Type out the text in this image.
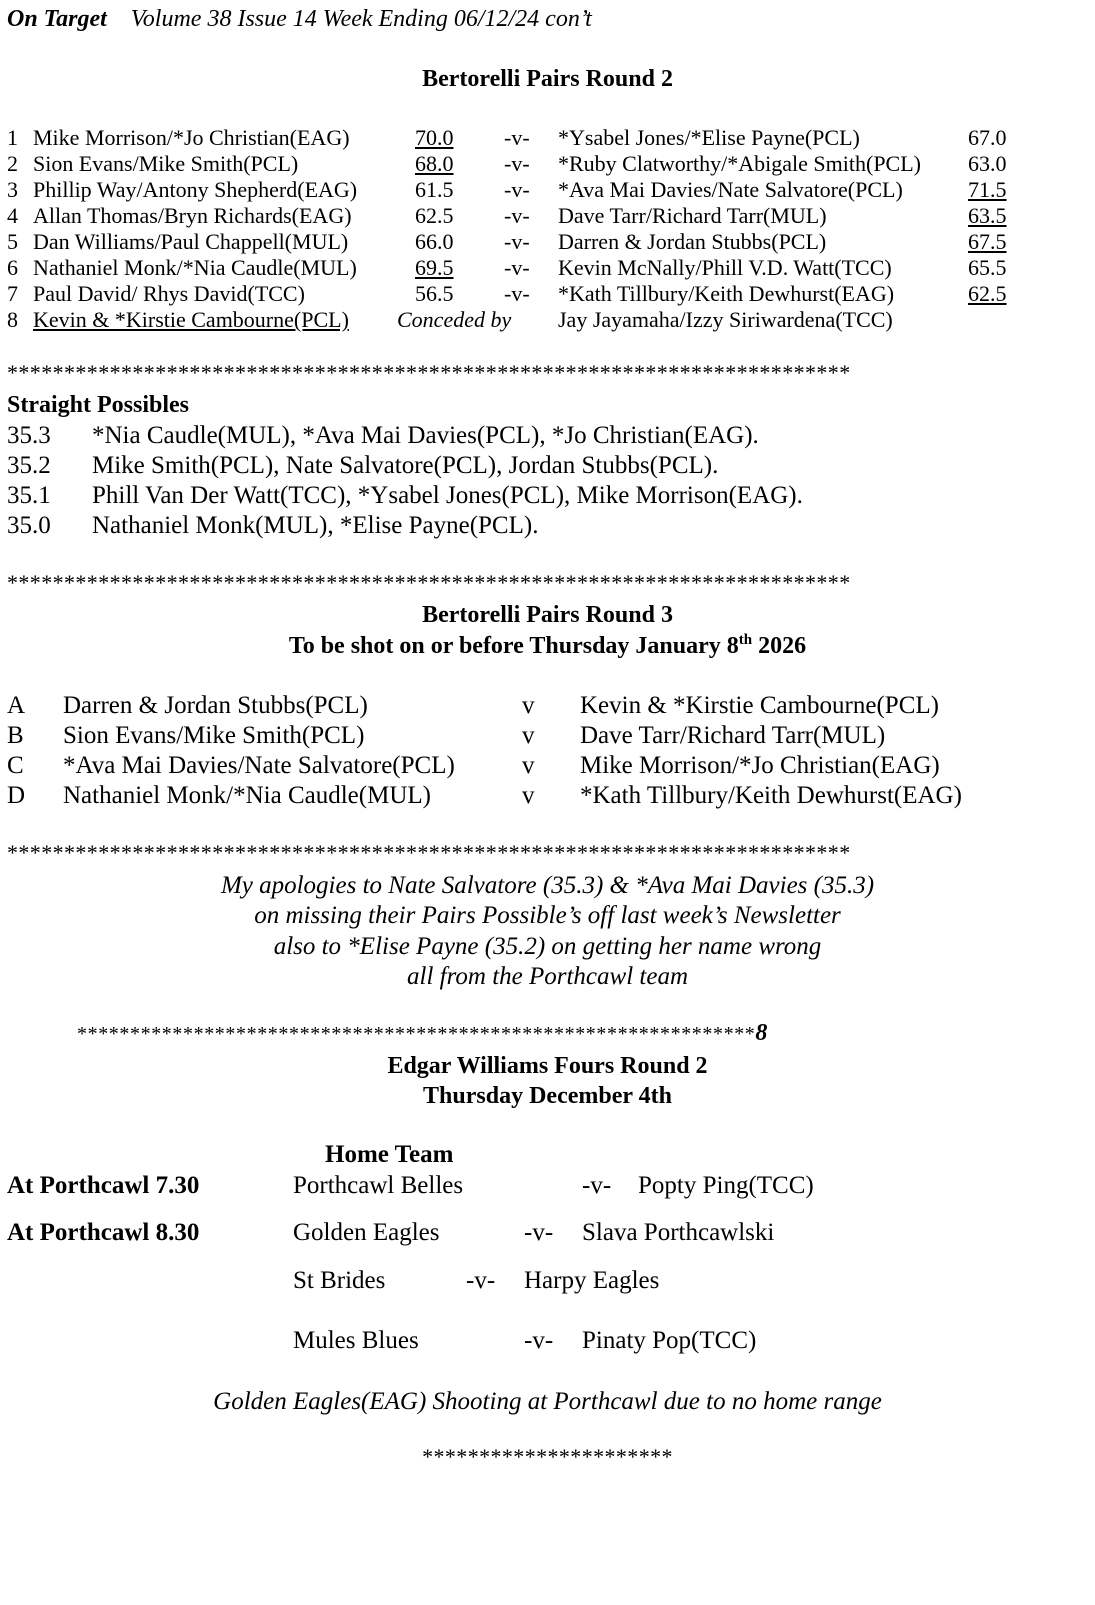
On Target Volume 38 Issue 14 Week Ending 06/12/24 con’t
Bertorelli Pairs Round 2
1 Mike Morrison/*Jo Christian(EAG)	70.0 -v- *Ysabel Jones/*Elise Payne(PCL)	67.0
2 Sion Evans/Mike Smith(PCL)	68.0 -v- *Ruby Clatworthy/*Abigale Smith(PCL) 63.0
3 Phillip Way/Antony Shepherd(EAG)	61.5 -v- *Ava Mai Davies/Nate Salvatore(PCL)	71.5
4 Allan Thomas/Bryn Richards(EAG)	62.5 -v- Dave Tarr/Richard Tarr(MUL)	63.5
5 Dan Williams/Paul Chappell(MUL)	66.0 -v- Darren & Jordan Stubbs(PCL)	67.5
6 Nathaniel Monk/*Nia Caudle(MUL)	69.5 -v- Kevin McNally/Phill V.D. Watt(TCC)	65.5
7 Paul David/ Rhys David(TCC)	56.5 -v- *Kath Tillbury/Keith Dewhurst(EAG)	62.5
8 Kevin & *Kirstie Cambourne(PCL) Conceded by Jay Jayamaha/Izzy Siriwardena(TCC)
**************************************************************************
Straight Possibles
35.3 *Nia Caudle(MUL), *Ava Mai Davies(PCL), *Jo Christian(EAG).
35.2 Mike Smith(PCL), Nate Salvatore(PCL), Jordan Stubbs(PCL).
35.1 Phill Van Der Watt(TCC), *Ysabel Jones(PCL), Mike Morrison(EAG).
35.0 Nathaniel Monk(MUL), *Elise Payne(PCL).
**************************************************************************
Bertorelli Pairs Round 3
To be shot on or before Thursday January 8th 2026
A Darren & Jordan Stubbs(PCL)	v Kevin & *Kirstie Cambourne(PCL)
B Sion Evans/Mike Smith(PCL)	v Dave Tarr/Richard Tarr(MUL)
C *Ava Mai Davies/Nate Salvatore(PCL)	v Mike Morrison/*Jo Christian(EAG)
D Nathaniel Monk/*Nia Caudle(MUL)	v *Kath Tillbury/Keith Dewhurst(EAG)
**************************************************************************
My apologies to Nate Salvatore (35.3) & *Ava Mai Davies (35.3)
on missing their Pairs Possible’s off last week’s Newsletter
also to *Elise Payne (35.2) on getting her name wrong
all from the Porthcawl team
****************************************************************8
Edgar Williams Fours Round 2
Thursday December 4th
Home Team
At Porthcawl 7.30	Porthcawl Belles	-v- Popty Ping(TCC)
At Porthcawl 8.30	Golden Eagles	-v- Slava Porthcawlski
St Brides	-v- Harpy Eagles
Mules Blues	-v- Pinaty Pop(TCC)
Golden Eagles(EAG) Shooting at Porthcawl due to no home range
**********************
